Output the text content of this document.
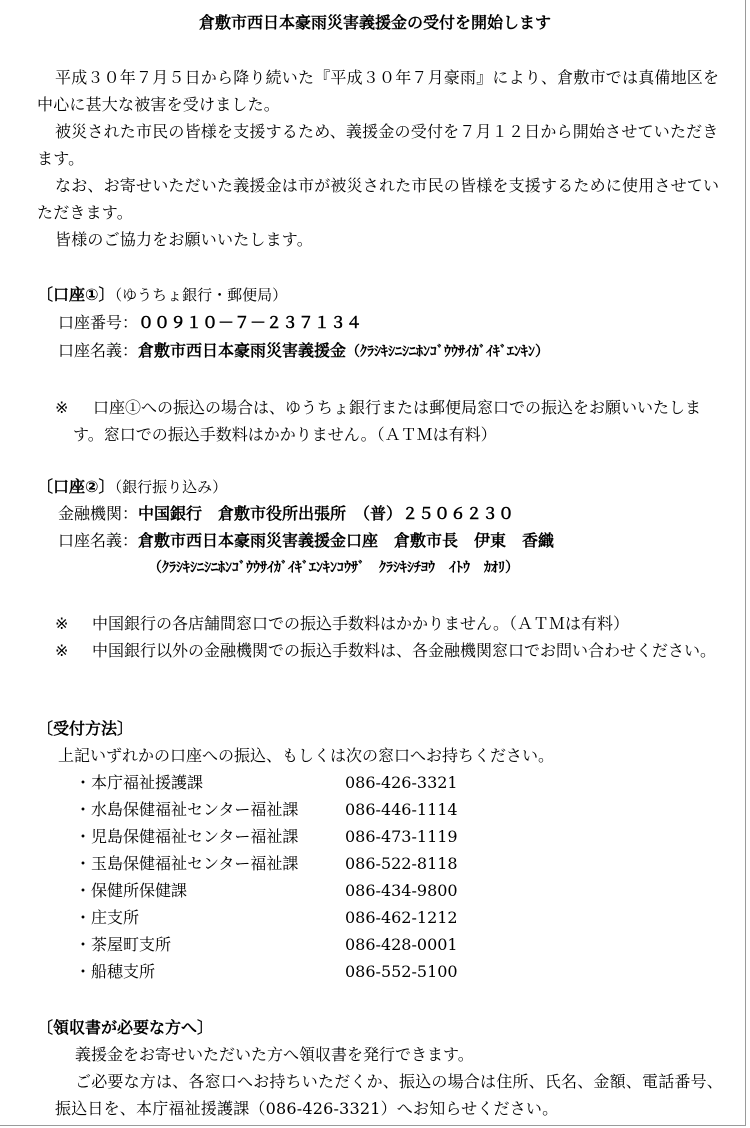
倉敷市西日本豪雨災害義援金の受付を開始します

平成３０年７月５日から降り続いた『平成３０年７月豪雨』により、倉敷市では真備地区を中心に甚大な被害を受けました。

被災された市民の皆様を支援するため、義援金の受付を７月１２日から開始させていただきます。

なお、お寄せいただいた義援金は市が被災された市民の皆様を支援するために使用させていただきます。

皆様のご協力をお願いいたします。

〔口座①〕（ゆうちょ銀行・郵便局）
口座番号：００９１０－７－２３７１３４
口座名義：倉敷市西日本豪雨災害義援金（ｸﾗｼｷｼﾆｼﾆﾎﾝｺﾞｳｳｻｲｶﾞｲｷﾞｴﾝｷﾝ）
※	口座①への振込の場合は、ゆうちょ銀行または郵便局窓口での振込をお願いいたします。窓口での振込手数料はかかりません。（ＡＴＭは有料）
〔口座②〕（銀行振り込み）
金融機関：中国銀行　倉敷市役所出張所　（普）２５０６２３０
口座名義：倉敷市西日本豪雨災害義援金口座　倉敷市長　伊東　香織
（ｸﾗｼｷｼﾆｼﾆﾎﾝｺﾞｳｳｻｲｶﾞｲｷﾞｴﾝｷﾝｺｳｻﾞ　ｸﾗｼｷｼﾁﾖｳ　ｲﾄｳ　ｶｵﾘ）
※ 中国銀行の各店舗間窓口での振込手数料はかかりません。（ＡＴＭは有料）
※	中国銀行以外の金融機関での振込手数料は、各金融機関窓口でお問い合わせください。
〔受付方法〕
上記いずれかの口座への振込、もしくは次の窓口へお持ちください。
・本庁福祉援護課	086-426-3321
・水島保健福祉センター福祉課	086-446-1114
・児島保健福祉センター福祉課	086-473-1119
・玉島保健福祉センター福祉課	086-522-8118
・保健所保健課	086-434-9800
・庄支所	086-462-1212
・茶屋町支所	086-428-0001
・船穂支所	086-552-5100
〔領収書が必要な方へ〕
義援金をお寄せいただいた方へ領収書を発行できます。

ご必要な方は、各窓口へお持ちいただくか、振込の場合は住所、氏名、金額、電話番号、振込日を、本庁福祉援護課（086-426-3321）へお知らせください。
